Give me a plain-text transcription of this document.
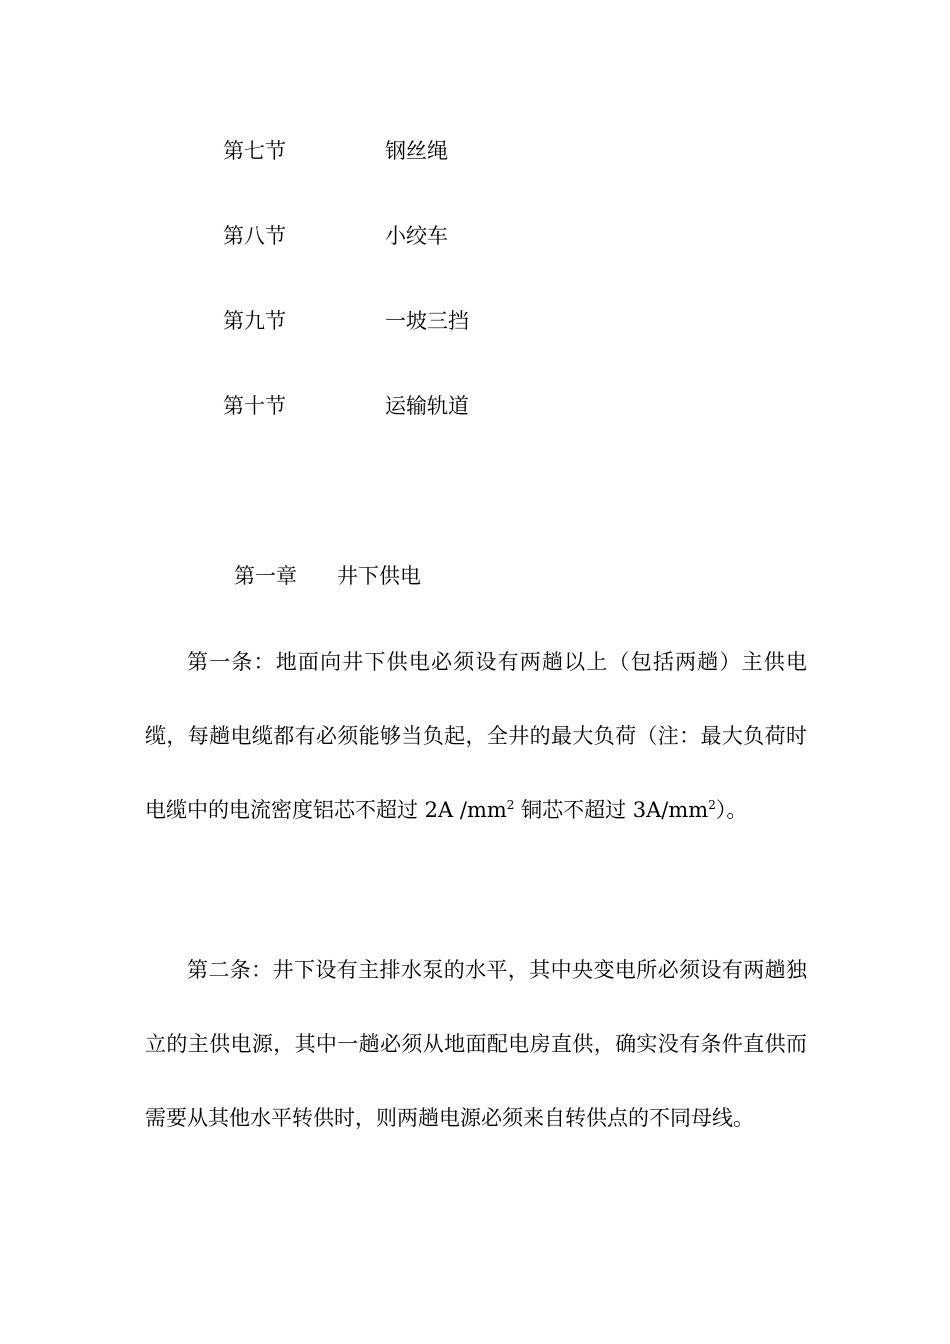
第七节	钢丝绳
第八节	小绞车
第九节	一坡三挡
第十节	运输轨道
第一章 井下供电

第一条：地面向井下供电必须设有两趟以上（包括两趟）主供电缆，每趟电缆都有必须能够当负起，全井的最大负荷（注：最大负荷时电缆中的电流密度铝芯不超过 2A $/mm^2$ 铜芯不超过 $3A/mm^2$）。

第二条：井下设有主排水泵的水平，其中央变电所必须设有两趟独立的主供电源，其中一趟必须从地面配电房直供，确实没有条件直供而需要从其他水平转供时，则两趟电源必须来自转供点的不同母线。
